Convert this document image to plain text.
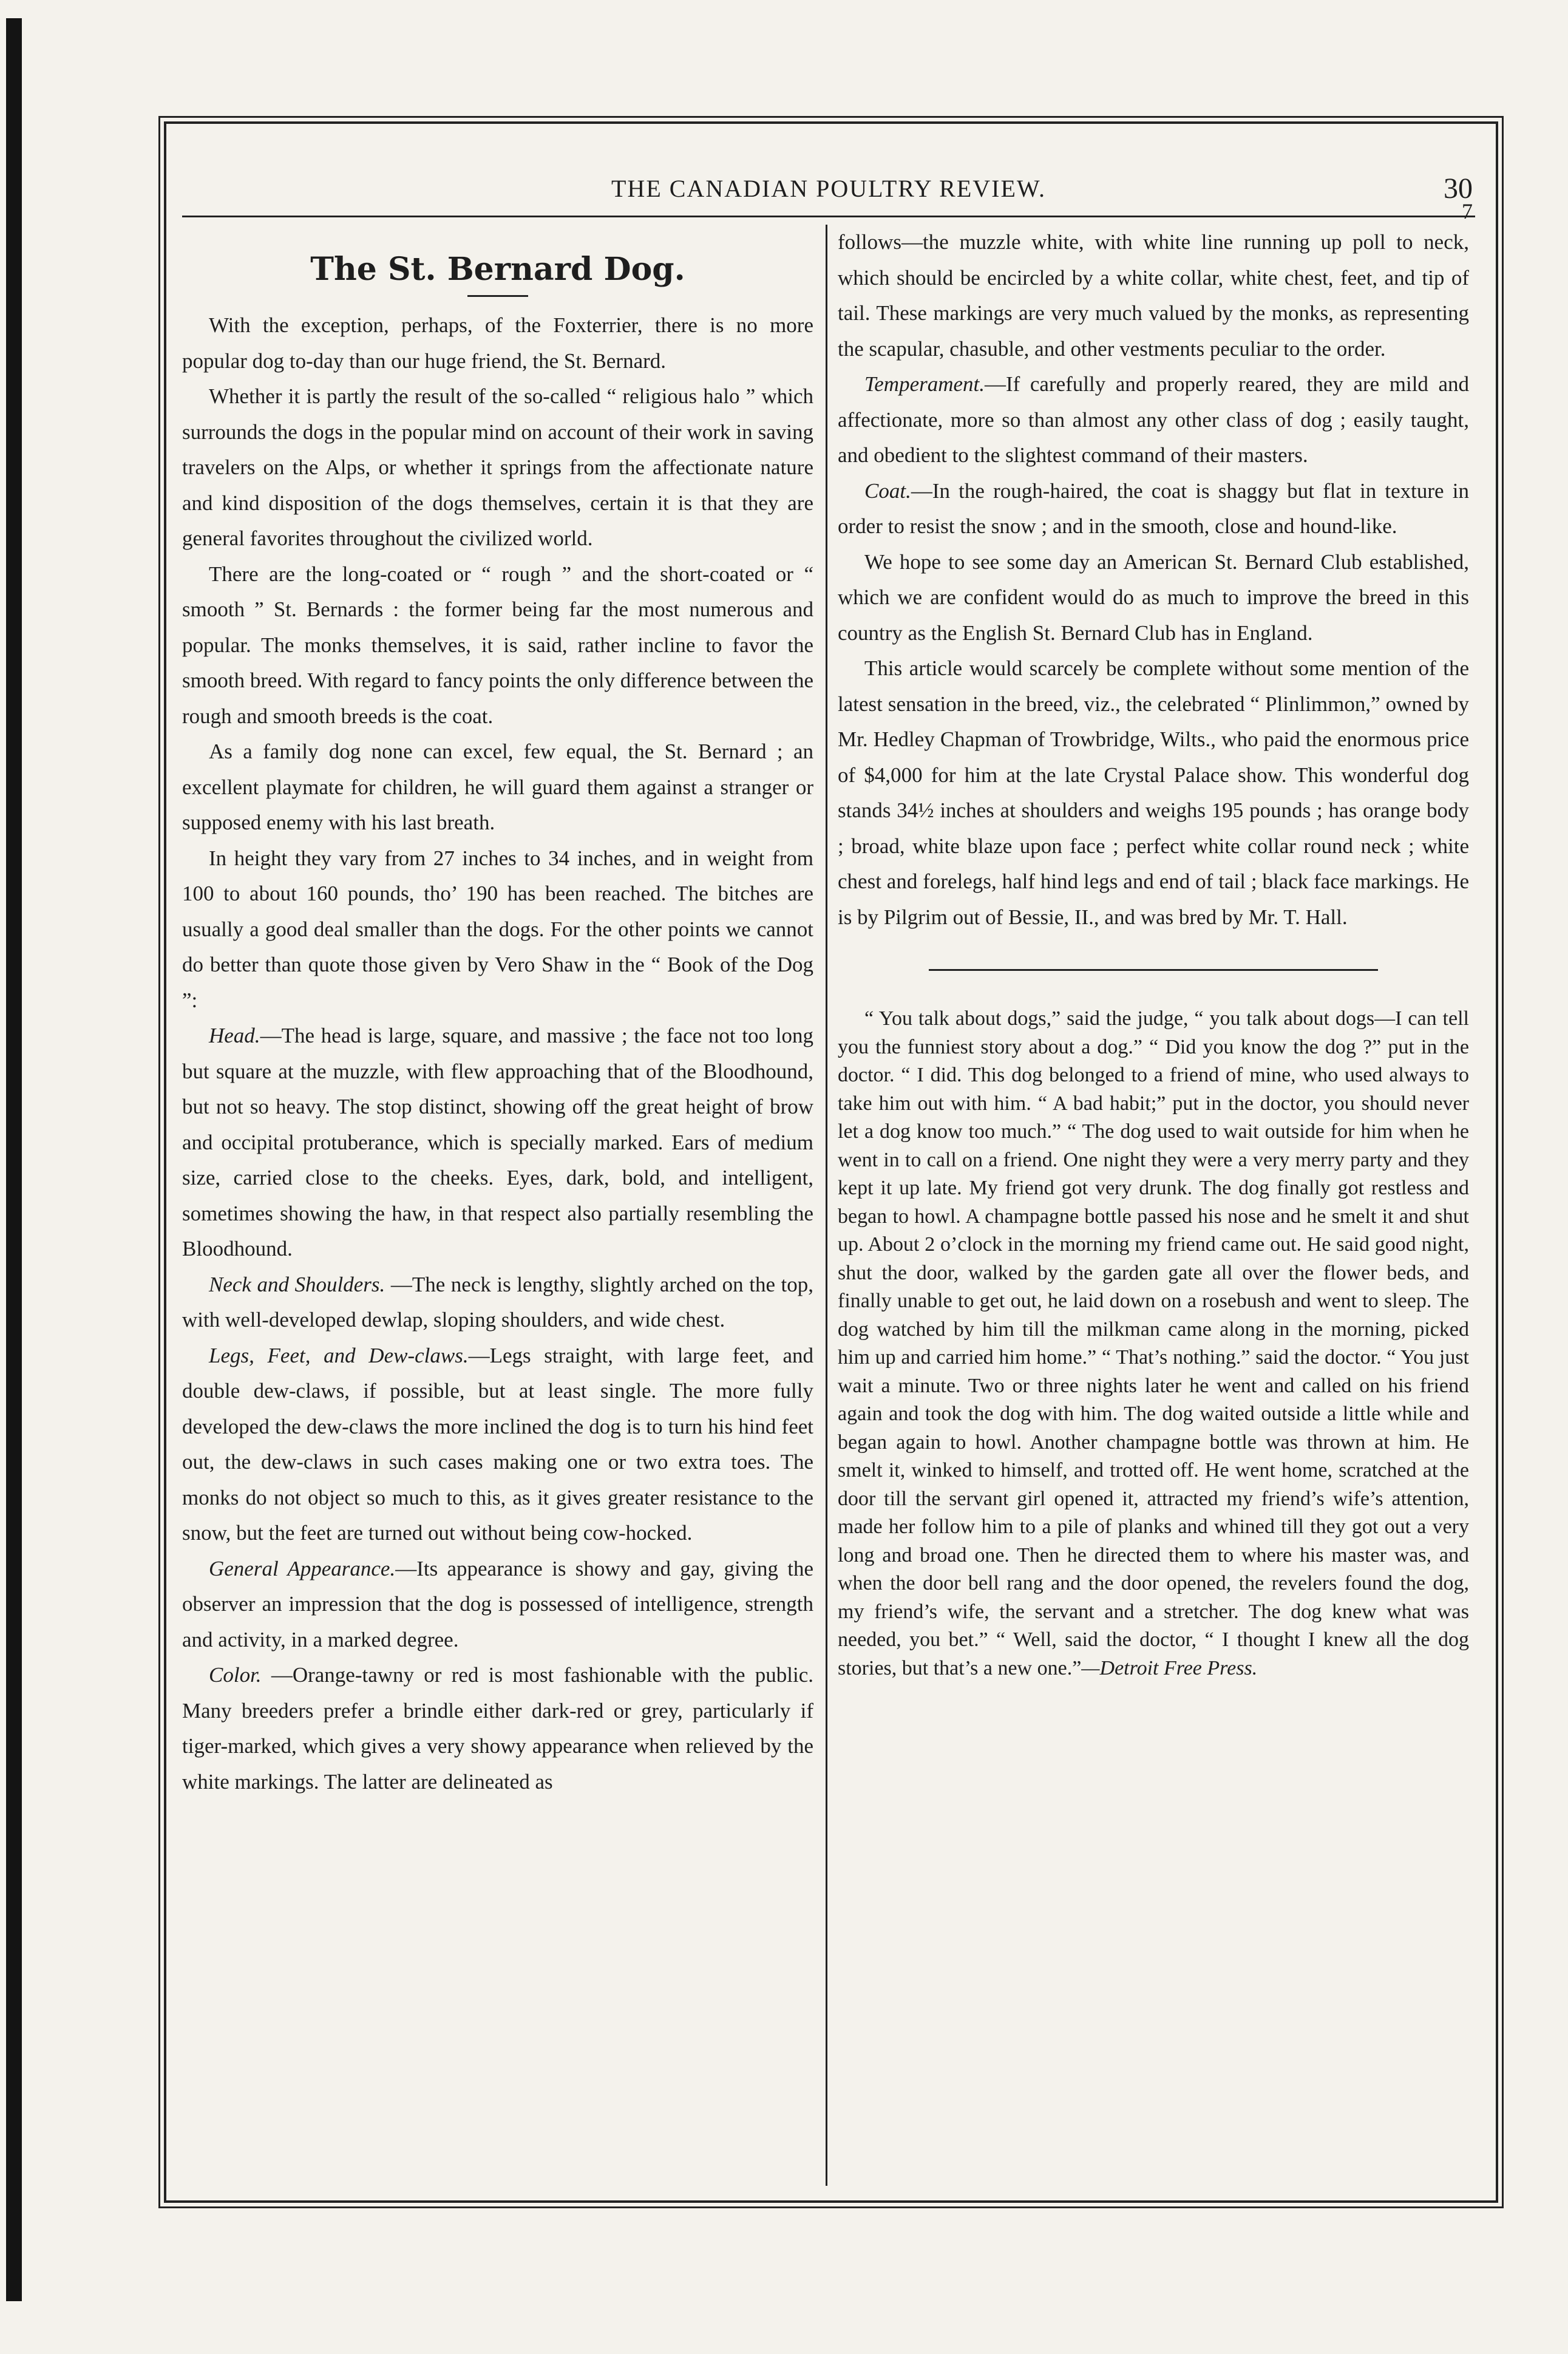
THE CANADIAN POULTRY REVIEW.	30
7
The St. Bernard Dog.

With the exception, perhaps, of the Foxterrier, there is no more popular dog to-day than our huge friend, the St. Bernard.

Whether it is partly the result of the so-called “ religious halo ” which surrounds the dogs in the popular mind on account of their work in saving travelers on the Alps, or whether it springs from the affectionate nature and kind disposition of the dogs themselves, certain it is that they are general favorites throughout the civilized world.

There are the long-coated or “ rough ” and the short-coated or “ smooth ” St. Bernards : the former being far the most numerous and popular. The monks themselves, it is said, rather incline to favor the smooth breed. With regard to fancy points the only difference between the rough and smooth breeds is the coat.

As a family dog none can excel, few equal, the St. Bernard ; an excellent playmate for children, he will guard them against a stranger or supposed enemy with his last breath.

In height they vary from 27 inches to 34 inches, and in weight from 100 to about 160 pounds, tho’ 190 has been reached. The bitches are usually a good deal smaller than the dogs. For the other points we cannot do better than quote those given by Vero Shaw in the “ Book of the Dog ”:

Head.—The head is large, square, and massive ; the face not too long but square at the muzzle, with flew approaching that of the Bloodhound, but not so heavy. The stop distinct, showing off the great height of brow and occipital protuberance, which is specially marked. Ears of medium size, carried close to the cheeks. Eyes, dark, bold, and intelligent, sometimes showing the haw, in that respect also partially resembling the Bloodhound.

Neck and Shoulders. —The neck is lengthy, slightly arched on the top, with well-developed dewlap, sloping shoulders, and wide chest.

Legs, Feet, and Dew-claws.—Legs straight, with large feet, and double dew-claws, if possible, but at least single. The more fully developed the dew-claws the more inclined the dog is to turn his hind feet out, the dew-claws in such cases making one or two extra toes. The monks do not object so much to this, as it gives greater resistance to the snow, but the feet are turned out without being cow-hocked.

General Appearance.—Its appearance is showy and gay, giving the observer an impression that the dog is possessed of intelligence, strength and activity, in a marked degree.

Color. —Orange-tawny or red is most fashionable with the public. Many breeders prefer a brindle either dark-red or grey, particularly if tiger-marked, which gives a very showy appearance when relieved by the white markings. The latter are delineated as

follows—the muzzle white, with white line running up poll to neck, which should be encircled by a white collar, white chest, feet, and tip of tail. These markings are very much valued by the monks, as representing the scapular, chasuble, and other vestments peculiar to the order.

Temperament.—If carefully and properly reared, they are mild and affectionate, more so than almost any other class of dog ; easily taught, and obedient to the slightest command of their masters.

Coat.—In the rough-haired, the coat is shaggy but flat in texture in order to resist the snow ; and in the smooth, close and hound-like.

We hope to see some day an American St. Bernard Club established, which we are confident would do as much to improve the breed in this country as the English St. Bernard Club has in England.

This article would scarcely be complete without some mention of the latest sensation in the breed, viz., the celebrated “ Plinlimmon,” owned by Mr. Hedley Chapman of Trowbridge, Wilts., who paid the enormous price of $4,000 for him at the late Crystal Palace show. This wonderful dog stands 34½ inches at shoulders and weighs 195 pounds ; has orange body ; broad, white blaze upon face ; perfect white collar round neck ; white chest and forelegs, half hind legs and end of tail ; black face markings. He is by Pilgrim out of Bessie, II., and was bred by Mr. T. Hall.

“ You talk about dogs,” said the judge, “ you talk about dogs—I can tell you the funniest story about a dog.” “ Did you know the dog ?” put in the doctor. “ I did. This dog belonged to a friend of mine, who used always to take him out with him. “ A bad habit;” put in the doctor, you should never let a dog know too much.” “ The dog used to wait outside for him when he went in to call on a friend. One night they were a very merry party and they kept it up late. My friend got very drunk. The dog finally got restless and began to howl. A champagne bottle passed his nose and he smelt it and shut up. About 2 o’clock in the morning my friend came out. He said good night, shut the door, walked by the garden gate all over the flower beds, and finally unable to get out, he laid down on a rosebush and went to sleep. The dog watched by him till the milkman came along in the morning, picked him up and carried him home.” “ That’s nothing.” said the doctor. “ You just wait a minute. Two or three nights later he went and called on his friend again and took the dog with him. The dog waited outside a little while and began again to howl. Another champagne bottle was thrown at him. He smelt it, winked to himself, and trotted off. He went home, scratched at the door till the servant girl opened it, attracted my friend’s wife’s attention, made her follow him to a pile of planks and whined till they got out a very long and broad one. Then he directed them to where his master was, and when the door bell rang and the door opened, the revelers found the dog, my friend’s wife, the servant and a stretcher. The dog knew what was needed, you bet.” “ Well, said the doctor, “ I thought I knew all the dog stories, but that’s a new one.”—Detroit Free Press.
